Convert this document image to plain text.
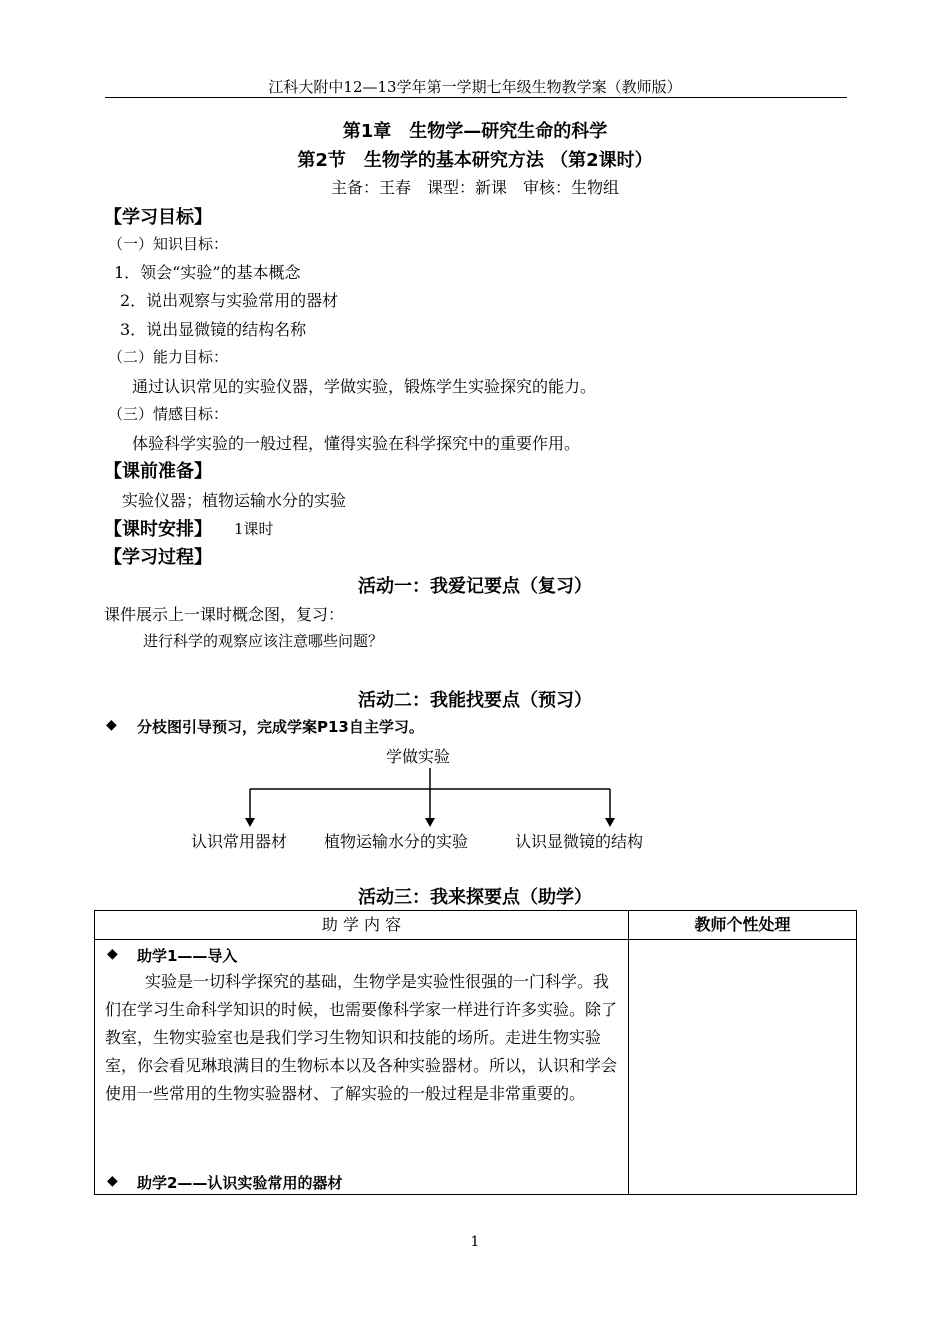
江科大附中12—13学年第一学期七年级生物教学案（教师版）
第1章　生物学—研究生命的科学
第2节　生物学的基本研究方法 （第2课时）
主备：王春　课型：新课　审核：生物组
【学习目标】
（一）知识目标：
1．领会“实验”的基本概念
2．说出观察与实验常用的器材
3．说出显微镜的结构名称
（二）能力目标：
通过认识常见的实验仪器，学做实验，锻炼学生实验探究的能力。
（三）情感目标：
体验科学实验的一般过程，懂得实验在科学探究中的重要作用。
【课前准备】
实验仪器；植物运输水分的实验
【课时安排】 1课时
【学习过程】
活动一：我爱记要点（复习）
课件展示上一课时概念图，复习：
进行科学的观察应该注意哪些问题？
活动二：我能找要点（预习）
◆ 分枝图引导预习，完成学案P13自主学习。
学做实验
认识常用器材 植物运输水分的实验	认识显微镜的结构
活动三：我来探要点（助学）
助 学 内 容	教师个性处理

◆ 助学1——导入
实验是一切科学探究的基础，生物学是实验性很强的一门科学。我们在学习生命科学知识的时候，也需要像科学家一样进行许多实验。除了教室，生物实验室也是我们学习生物知识和技能的场所。走进生物实验室，你会看见琳琅满目的生物标本以及各种实验器材。所以，认识和学会使用一些常用的生物实验器材、了解实验的一般过程是非常重要的。
◆ 助学2——认识实验常用的器材	

1
